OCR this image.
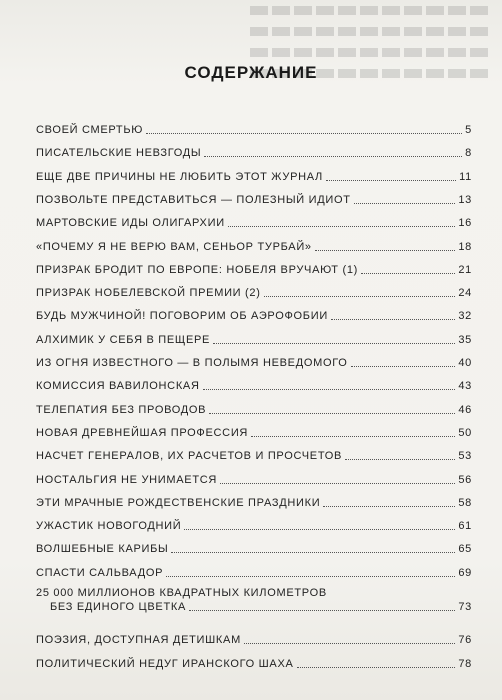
СОДЕРЖАНИЕ
СВОЕЙ СМЕРТЬЮ	5
ПИСАТЕЛЬСКИЕ НЕВЗГОДЫ	8
ЕЩЕ ДВЕ ПРИЧИНЫ НЕ ЛЮБИТЬ ЭТОТ ЖУРНАЛ	11
ПОЗВОЛЬТЕ ПРЕДСТАВИТЬСЯ — ПОЛЕЗНЫЙ ИДИОТ	13
МАРТОВСКИЕ ИДЫ ОЛИГАРХИИ	16
«ПОЧЕМУ Я НЕ ВЕРЮ ВАМ, СЕНЬОР ТУРБАЙ»	18
ПРИЗРАК БРОДИТ ПО ЕВРОПЕ: НОБЕЛЯ ВРУЧАЮТ (1)	21
ПРИЗРАК НОБЕЛЕВСКОЙ ПРЕМИИ (2)	24
БУДЬ МУЖЧИНОЙ! ПОГОВОРИМ ОБ АЭРОФОБИИ	32
АЛХИМИК У СЕБЯ В ПЕЩЕРЕ	35
ИЗ ОГНЯ ИЗВЕСТНОГО — В ПОЛЫМЯ НЕВЕДОМОГО	40
КОМИССИЯ ВАВИЛОНСКАЯ	43
ТЕЛЕПАТИЯ БЕЗ ПРОВОДОВ	46
НОВАЯ ДРЕВНЕЙШАЯ ПРОФЕССИЯ	50
НАСЧЕТ ГЕНЕРАЛОВ, ИХ РАСЧЕТОВ И ПРОСЧЕТОВ	53
НОСТАЛЬГИЯ НЕ УНИМАЕТСЯ	56
ЭТИ МРАЧНЫЕ РОЖДЕСТВЕНСКИЕ ПРАЗДНИКИ	58
УЖАСТИК НОВОГОДНИЙ	61
ВОЛШЕБНЫЕ КАРИБЫ	65
СПАСТИ САЛЬВАДОР	69
25 000 МИЛЛИОНОВ КВАДРАТНЫХ КИЛОМЕТРОВ
БЕЗ ЕДИНОГО ЦВЕТКА	73
ПОЭЗИЯ, ДОСТУПНАЯ ДЕТИШКАМ	76
ПОЛИТИЧЕСКИЙ НЕДУГ ИРАНСКОГО ШАХА	78
